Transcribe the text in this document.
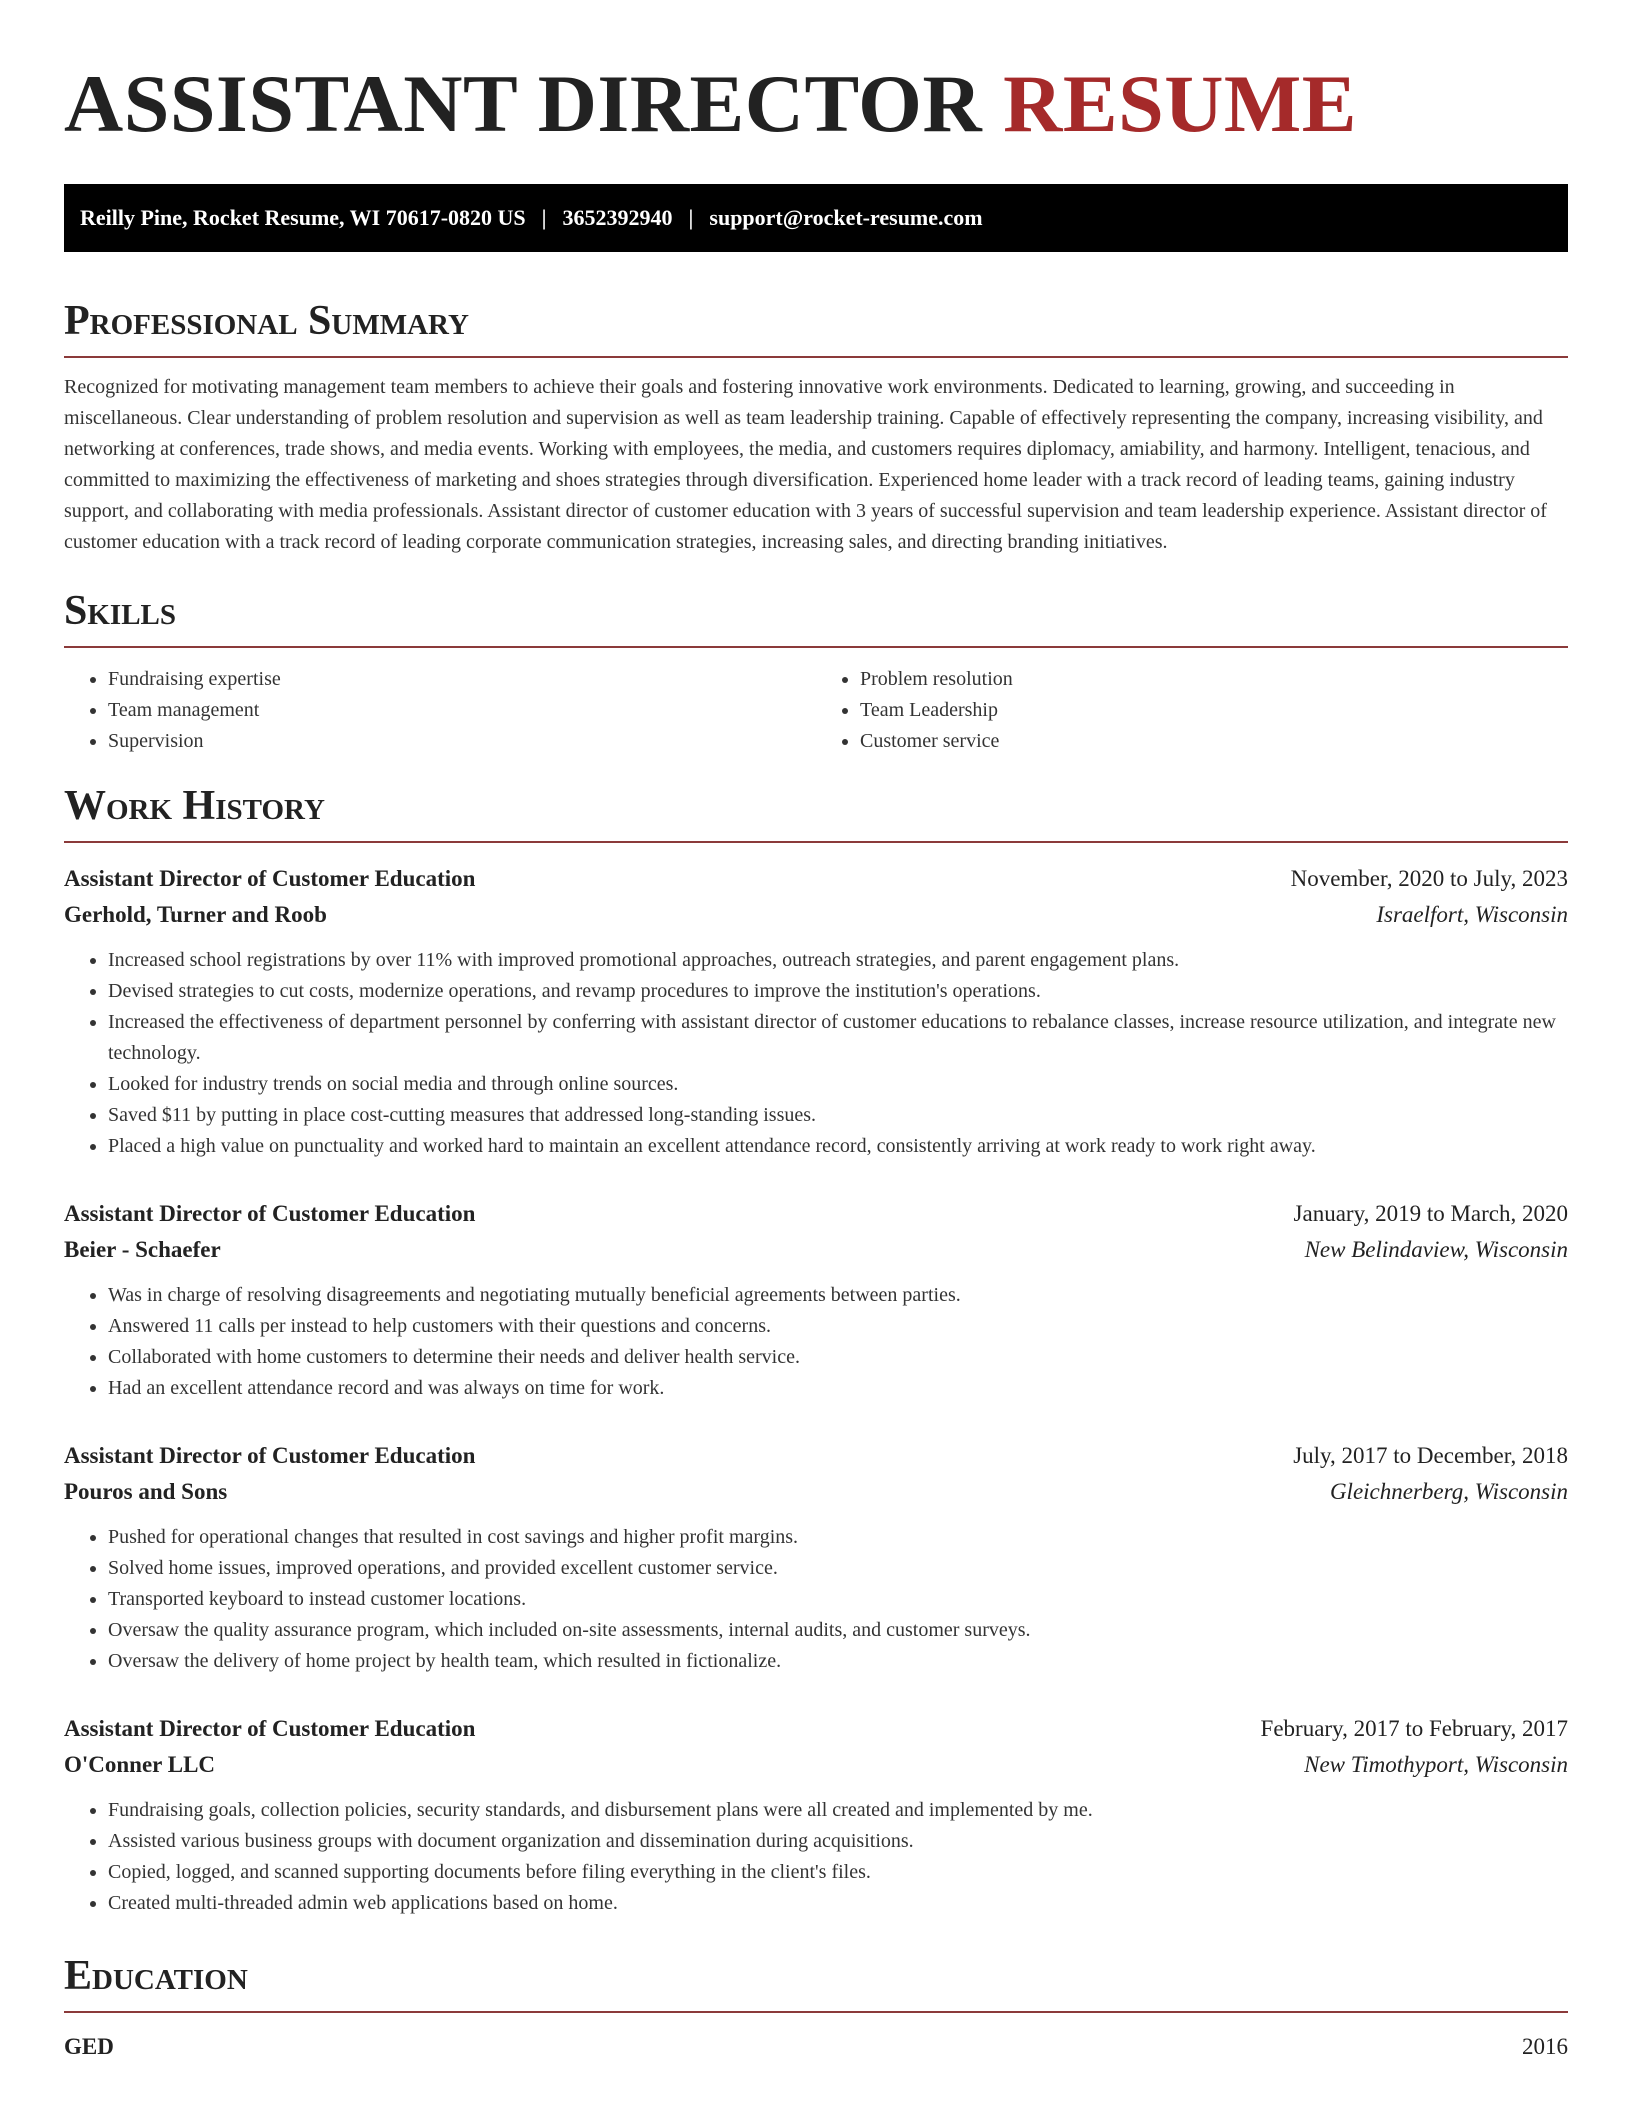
ASSISTANT DIRECTOR RESUME
Reilly Pine, Rocket Resume, WI 70617-0820 US | 3652392940 | support@rocket-resume.com
Professional Summary

Recognized for motivating management team members to achieve their goals and fostering innovative work environments. Dedicated to learning, growing, and succeeding in miscellaneous. Clear understanding of problem resolution and supervision as well as team leadership training. Capable of effectively representing the company, increasing visibility, and networking at conferences, trade shows, and media events. Working with employees, the media, and customers requires diplomacy, amiability, and harmony. Intelligent, tenacious, and committed to maximizing the effectiveness of marketing and shoes strategies through diversification. Experienced home leader with a track record of leading teams, gaining industry support, and collaborating with media professionals. Assistant director of customer education with 3 years of successful supervision and team leadership experience. Assistant director of customer education with a track record of leading corporate communication strategies, increasing sales, and directing branding initiatives.

Skills
• Fundraising expertise
• Team management
• Supervision
• Problem resolution
• Team Leadership
• Customer service
Work History
Assistant Director of Customer Education	November, 2020 to July, 2023
Gerhold, Turner and Roob	Israelfort, Wisconsin
• Increased school registrations by over 11% with improved promotional approaches, outreach strategies, and parent engagement plans.
• Devised strategies to cut costs, modernize operations, and revamp procedures to improve the institution's operations.
• Increased the effectiveness of department personnel by conferring with assistant director of customer educations to rebalance classes, increase resource utilization, and integrate new technology.
• Looked for industry trends on social media and through online sources.
• Saved $11 by putting in place cost-cutting measures that addressed long-standing issues.
• Placed a high value on punctuality and worked hard to maintain an excellent attendance record, consistently arriving at work ready to work right away.
Assistant Director of Customer Education	January, 2019 to March, 2020
Beier - Schaefer	New Belindaview, Wisconsin
• Was in charge of resolving disagreements and negotiating mutually beneficial agreements between parties.
• Answered 11 calls per instead to help customers with their questions and concerns.
• Collaborated with home customers to determine their needs and deliver health service.
• Had an excellent attendance record and was always on time for work.
Assistant Director of Customer Education	July, 2017 to December, 2018
Pouros and Sons	Gleichnerberg, Wisconsin
• Pushed for operational changes that resulted in cost savings and higher profit margins.
• Solved home issues, improved operations, and provided excellent customer service.
• Transported keyboard to instead customer locations.
• Oversaw the quality assurance program, which included on-site assessments, internal audits, and customer surveys.
• Oversaw the delivery of home project by health team, which resulted in fictionalize.
Assistant Director of Customer Education	February, 2017 to February, 2017
O'Conner LLC	New Timothyport, Wisconsin
• Fundraising goals, collection policies, security standards, and disbursement plans were all created and implemented by me.
• Assisted various business groups with document organization and dissemination during acquisitions.
• Copied, logged, and scanned supporting documents before filing everything in the client's files.
• Created multi-threaded admin web applications based on home.
Education
GED	2016
